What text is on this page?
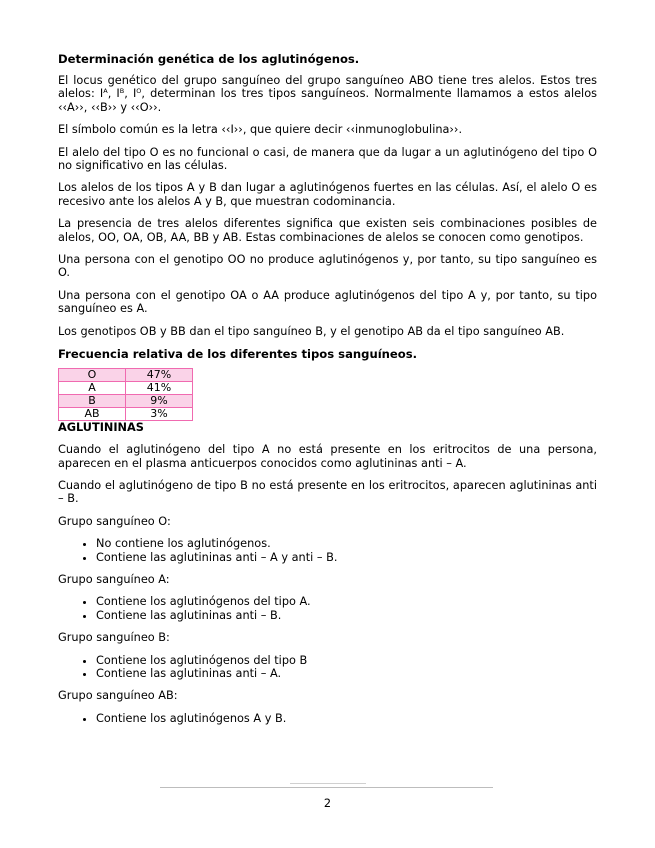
Determinación genética de los aglutinógenos.

El locus genético del grupo sanguíneo del grupo sanguíneo ABO tiene tres alelos. Estos tres alelos: $I^A$, $I^B$, $I^O$, determinan los tres tipos sanguíneos. Normalmente llamamos a estos alelos ‹‹A››, ‹‹B›› y ‹‹O››.

El símbolo común es la letra ‹‹I››, que quiere decir ‹‹inmunoglobulina››.

El alelo del tipo O es no funcional o casi, de manera que da lugar a un aglutinógeno del tipo O no significativo en las células.

Los alelos de los tipos A y B dan lugar a aglutinógenos fuertes en las células. Así, el alelo O es recesivo ante los alelos A y B, que muestran codominancia.

La presencia de tres alelos diferentes significa que existen seis combinaciones posibles de alelos, OO, OA, OB, AA, BB y AB. Estas combinaciones de alelos se conocen como genotipos.

Una persona con el genotipo OO no produce aglutinógenos y, por tanto, su tipo sanguíneo es O.

Una persona con el genotipo OA o AA produce aglutinógenos del tipo A y, por tanto, su tipo sanguíneo es A.

Los genotipos OB y BB dan el tipo sanguíneo B, y el genotipo AB da el tipo sanguíneo AB.

Frecuencia relativa de los diferentes tipos sanguíneos.
O	47%
A	41%
B	9%
AB	3%
AGLUTININAS

Cuando el aglutinógeno del tipo A no está presente en los eritrocitos de una persona, aparecen en el plasma anticuerpos conocidos como aglutininas anti – A.

Cuando el aglutinógeno de tipo B no está presente en los eritrocitos, aparecen aglutininas anti – B.

Grupo sanguíneo O:

• No contiene los aglutinógenos.
• Contiene las aglutininas anti – A y anti – B.

Grupo sanguíneo A:

• Contiene los aglutinógenos del tipo A.
• Contiene las aglutininas anti – B.

Grupo sanguíneo B:

• Contiene los aglutinógenos del tipo B
• Contiene las aglutininas anti – A.

Grupo sanguíneo AB:

• Contiene los aglutinógenos A y B.
2
